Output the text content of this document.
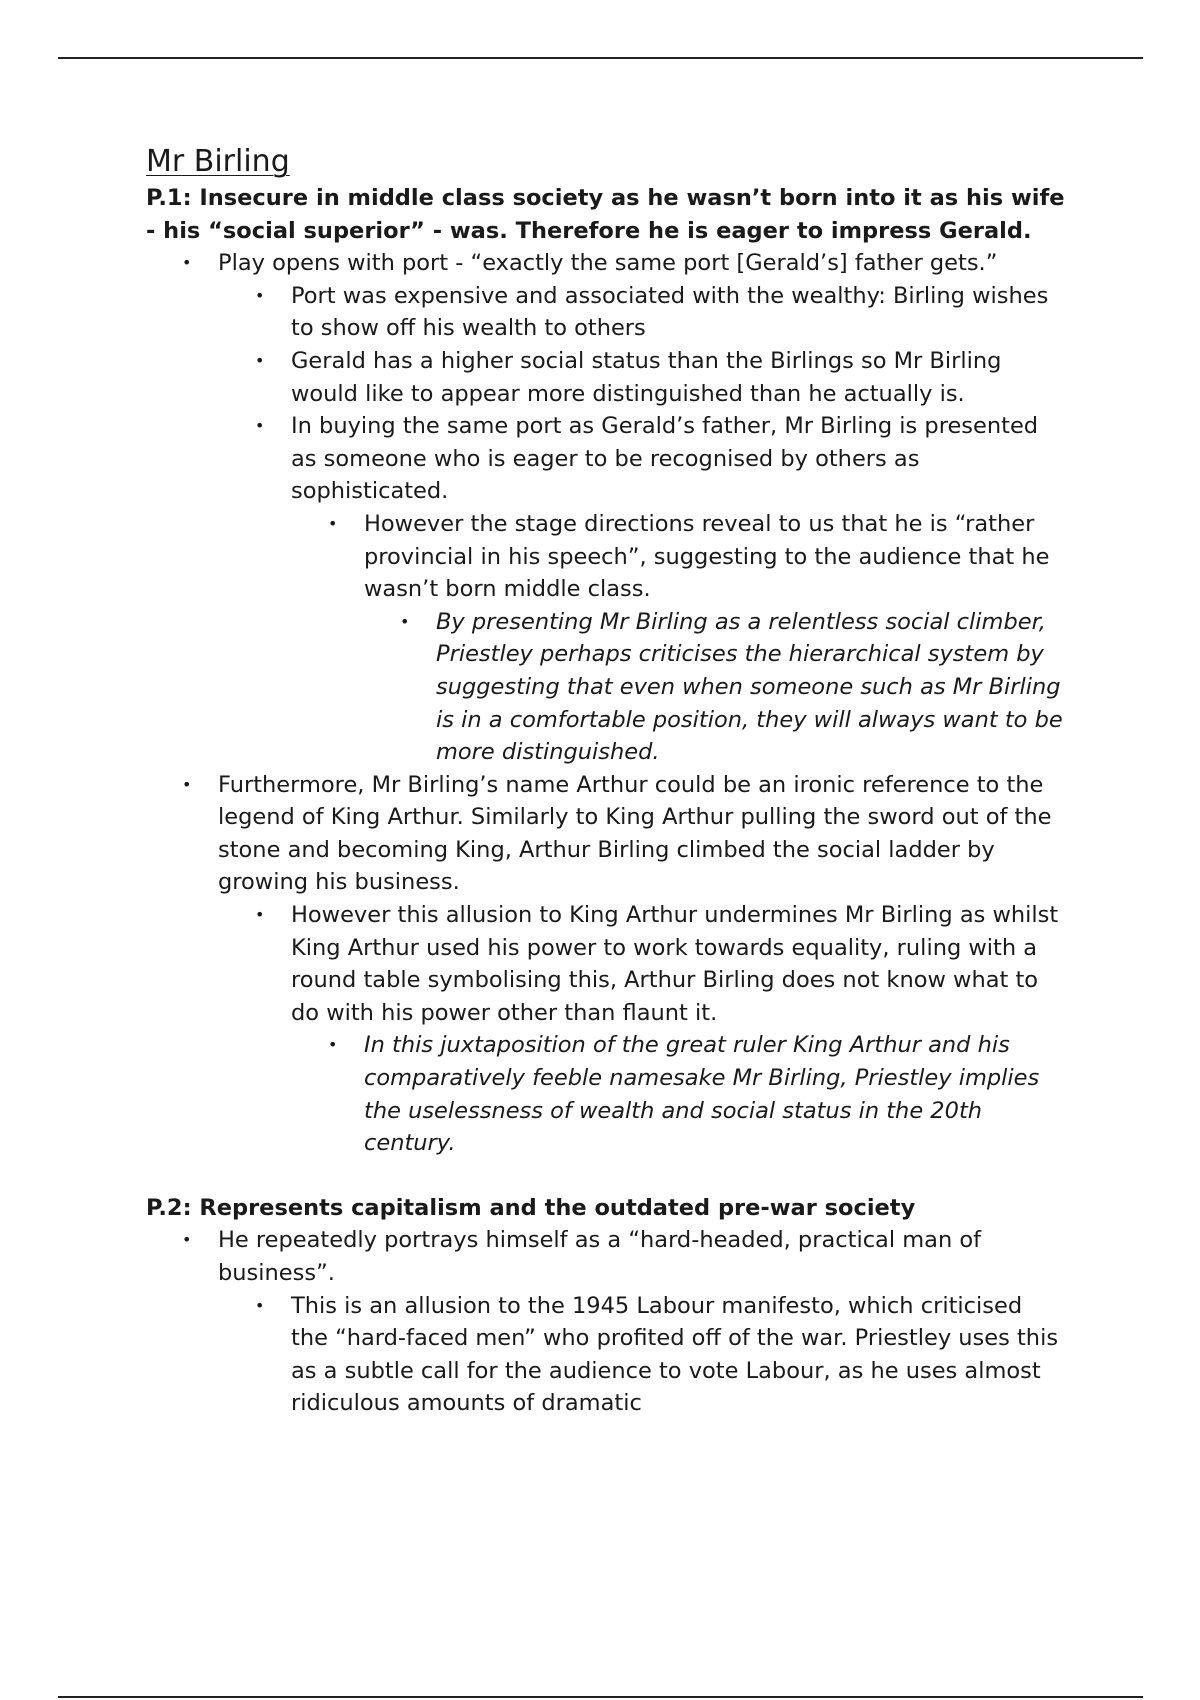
Mr Birling

P.1: Insecure in middle class society as he wasn’t born into it as his wife - his “social superior” - was. Therefore he is eager to impress Gerald.

• Play opens with port - “exactly the same port [Gerald’s] father gets.”
• Port was expensive and associated with the wealthy: Birling wishes to show off his wealth to others
• Gerald has a higher social status than the Birlings so Mr Birling would like to appear more distinguished than he actually is.
• In buying the same port as Gerald’s father, Mr Birling is presented as someone who is eager to be recognised by others as sophisticated.
• However the stage directions reveal to us that he is “rather provincial in his speech”, suggesting to the audience that he wasn’t born middle class.
• By presenting Mr Birling as a relentless social climber, Priestley perhaps criticises the hierarchical system by suggesting that even when someone such as Mr Birling is in a comfortable position, they will always want to be more distinguished.
• Furthermore, Mr Birling’s name Arthur could be an ironic reference to the legend of King Arthur. Similarly to King Arthur pulling the sword out of the stone and becoming King, Arthur Birling climbed the social ladder by growing his business.
• However this allusion to King Arthur undermines Mr Birling as whilst King Arthur used his power to work towards equality, ruling with a round table symbolising this, Arthur Birling does not know what to do with his power other than flaunt it.
• In this juxtaposition of the great ruler King Arthur and his comparatively feeble namesake Mr Birling, Priestley implies the uselessness of wealth and social status in the 20th century.

P.2: Represents capitalism and the outdated pre-war society

• He repeatedly portrays himself as a “hard-headed, practical man of business”.
• This is an allusion to the 1945 Labour manifesto, which criticised the “hard-faced men” who profited off of the war. Priestley uses this as a subtle call for the audience to vote Labour, as he uses almost ridiculous amounts of dramatic
